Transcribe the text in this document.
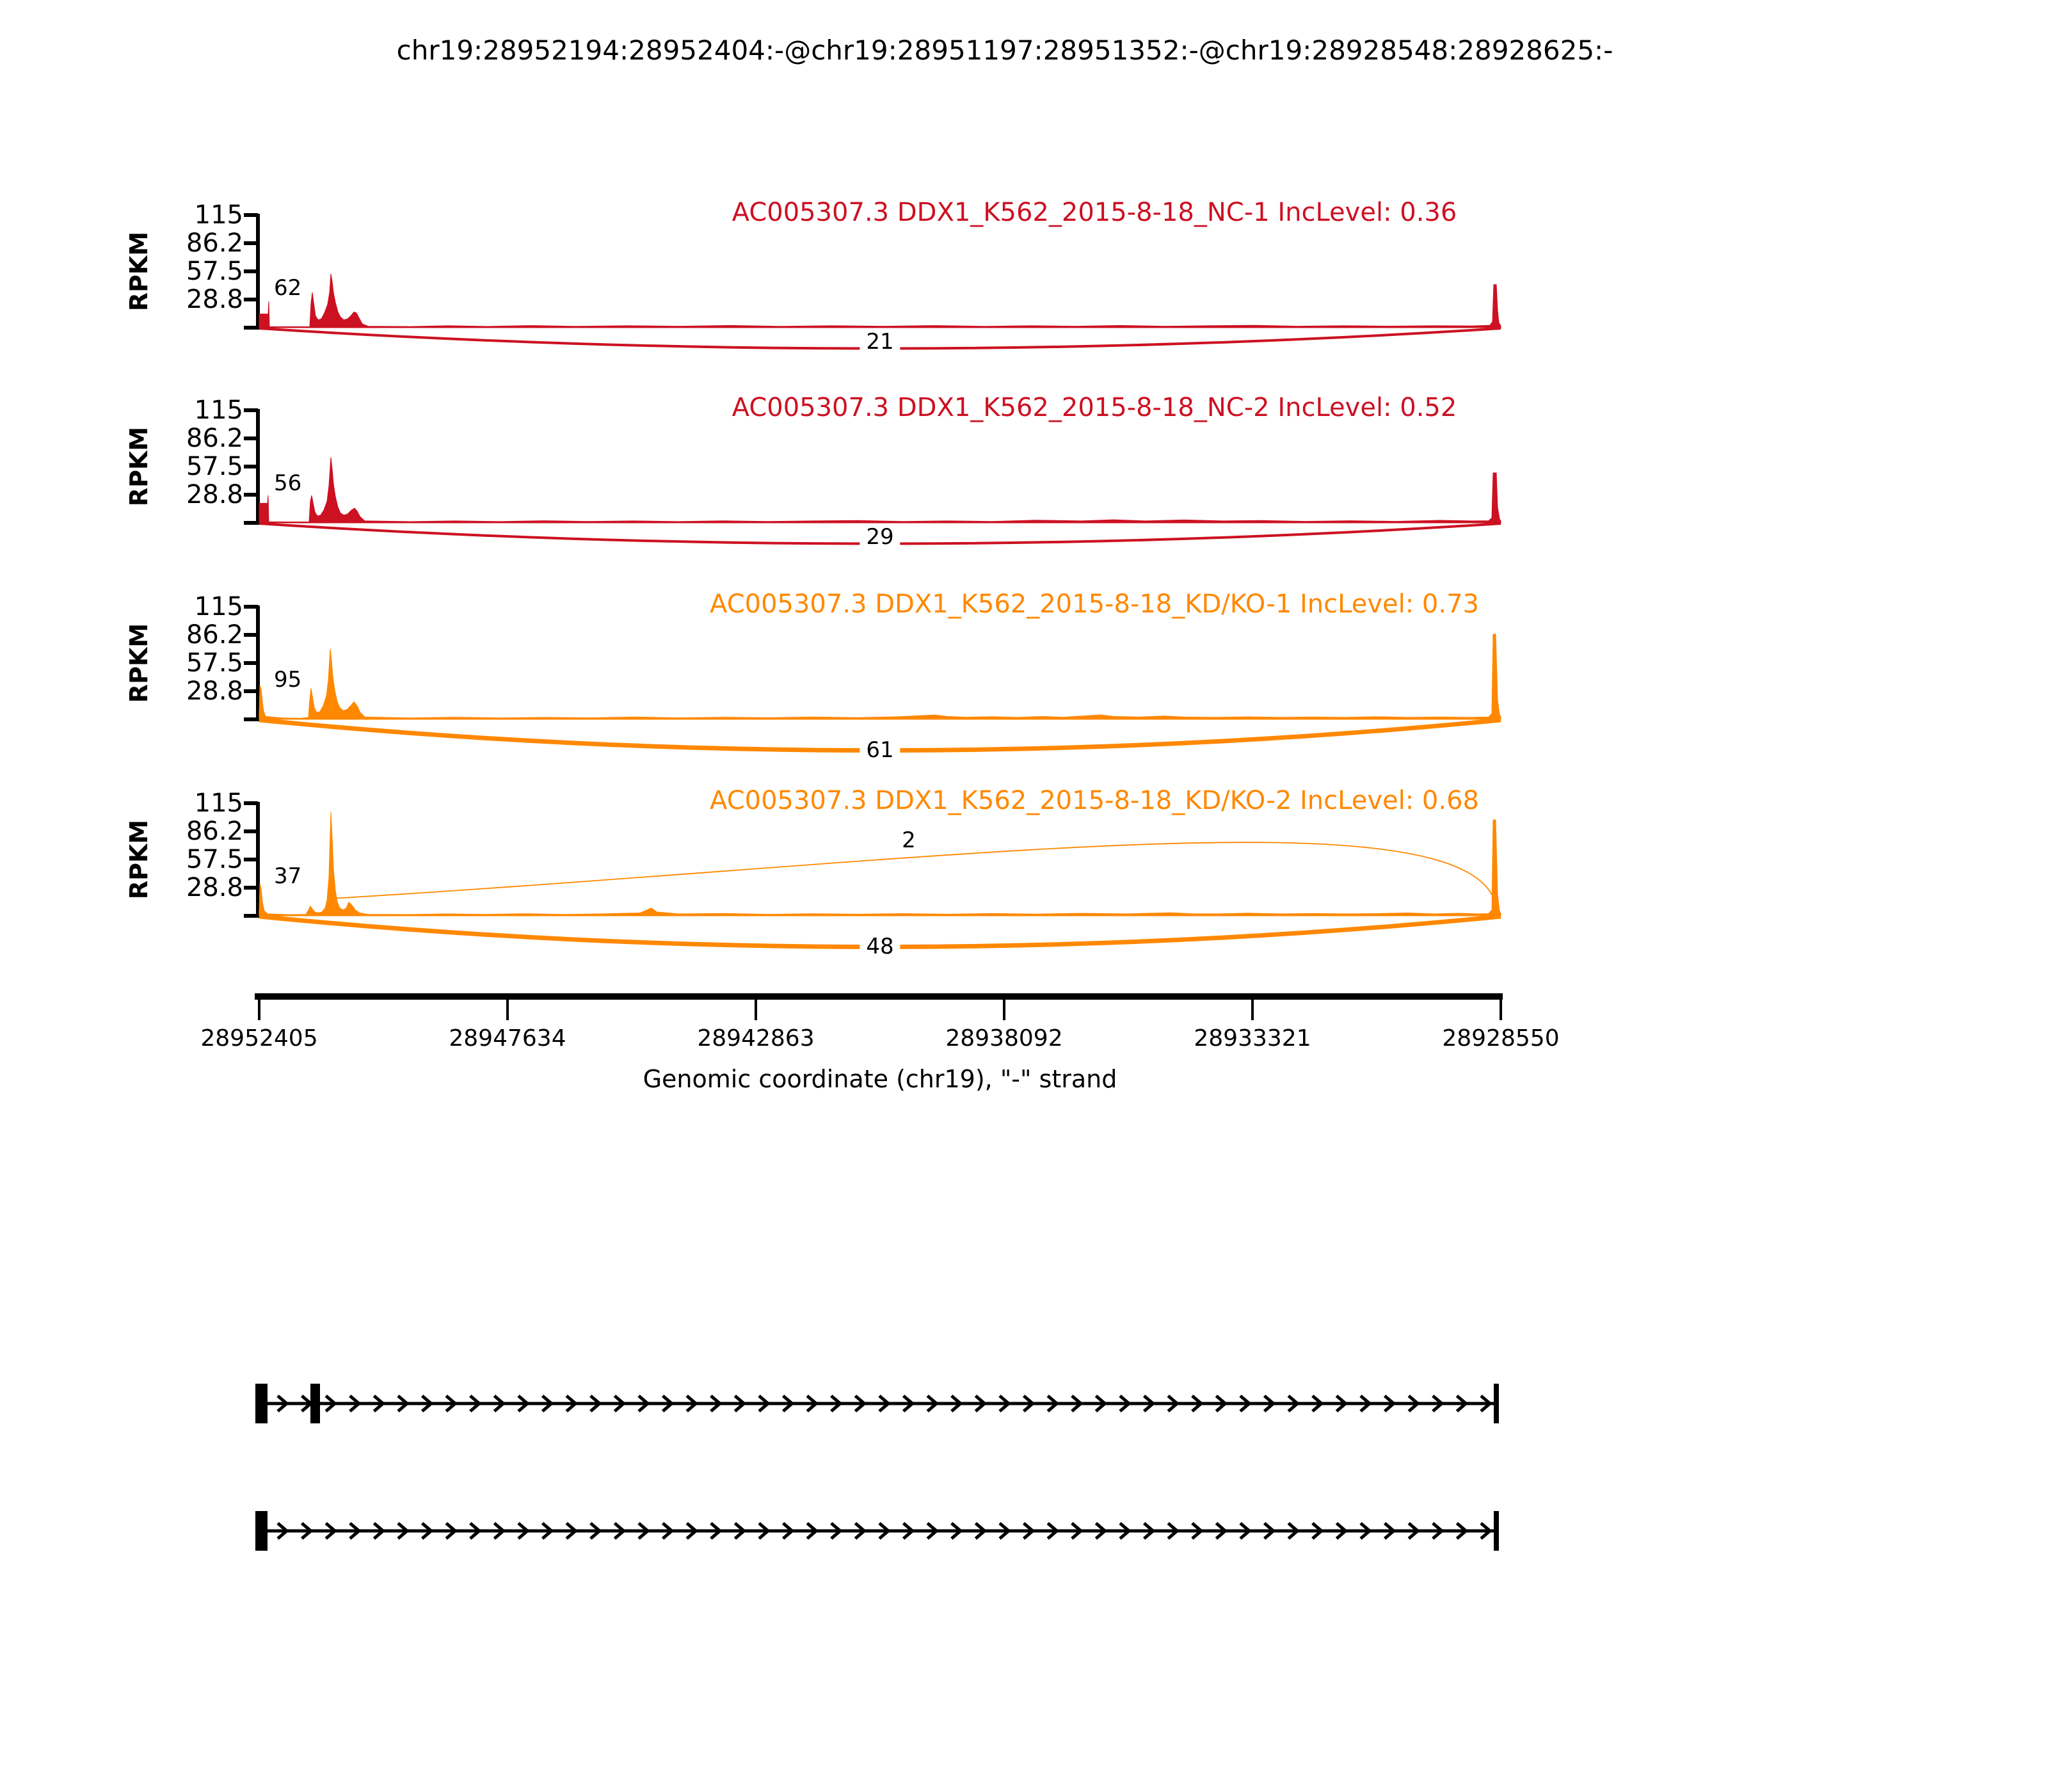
chr19:28952194:28952404:-@chr19:28951197:28951352:-@chr19:28928548:28928625:-
AC005307.3 DDX1_K562_2015-8-18_NC-1 IncLevel: 0.36
RPKM
115
86.2
57.5
28.8 62
21
AC005307.3 DDX1_K562_2015-8-18_NC-2 IncLevel: 0.52
RPKM
115
86.2
57.5
28.8 56
29
AC005307.3 DDX1_K562_2015-8-18_KD/KO-1 IncLevel: 0.73
RPKM
115
86.2
57.5
28.8 95
61
AC005307.3 DDX1_K562_2015-8-18_KD/KO-2 IncLevel: 0.68
RPKM
115
86.2
57.5
28.8 37
2
48
28952405	28947634	28942863	28938092	28933321	28928550
Genomic coordinate (chr19), "-" strand
